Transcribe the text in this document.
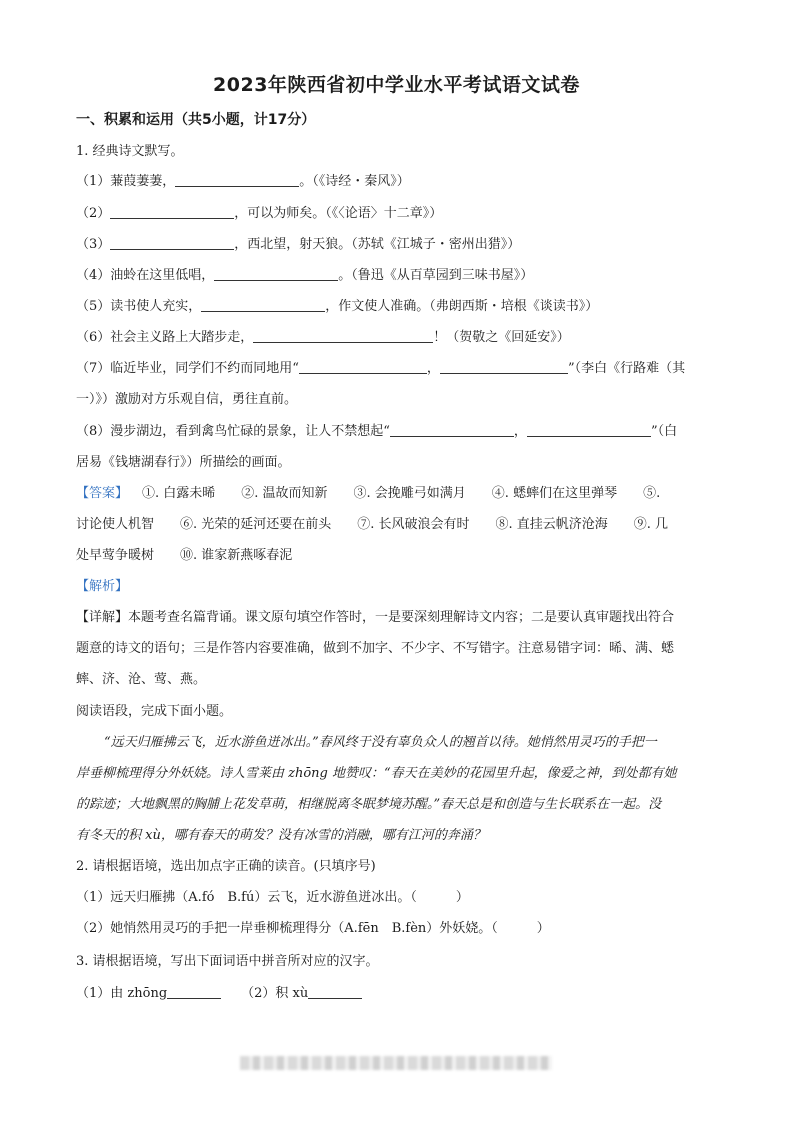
2023年陕西省初中学业水平考试语文试卷
一、积累和运用（共5小题，计17分）
1. 经典诗文默写。
（1）蒹葭萋萋，	。（《诗经・秦风》）
（2）	，可以为师矣。（《〈论语〉十二章》）
（3）	，西北望，射天狼。（苏轼《江城子・密州出猎》）
（4）油蛉在这里低唱，	。（鲁迅《从百草园到三味书屋》）
（5）读书使人充实，	，作文使人准确。（弗朗西斯・培根《谈读书》）
（6）社会主义路上大踏步走，	！（贺敬之《回延安》）
（7）临近毕业，同学们不约而同地用“	，	”（李白《行路难（其
一）》）激励对方乐观自信，勇往直前。
（8）漫步湖边，看到禽鸟忙碌的景象，让人不禁想起“	，	”（白
居易《钱塘湖春行》）所描绘的画面。
【答案】 ①. 白露未晞　　②. 温故而知新　　③. 会挽雕弓如满月　　④. 蟋蟀们在这里弹琴　　⑤.
讨论使人机智　　⑥. 光荣的延河还要在前头　　⑦. 长风破浪会有时　　⑧. 直挂云帆济沧海　　⑨. 几
处早莺争暖树　　⑩. 谁家新燕啄春泥
【解析】
【详解】本题考查名篇背诵。课文原句填空作答时，一是要深刻理解诗文内容；二是要认真审题找出符合
题意的诗文的语句；三是作答内容要准确，做到不加字、不少字、不写错字。注意易错字词：晞、满、蟋
蟀、济、沧、莺、燕。
阅读语段，完成下面小题。
“远天归雁拂云飞，近水游鱼迸冰出。”春风终于没有辜负众人的翘首以待。她悄然用灵巧的手把一
岸垂柳梳理得分外妖娆。诗人雪莱由 zhōng 地赞叹：“春天在美妙的花园里升起，像爱之神，到处都有她
的踪迹；大地飘黑的胸脯上花发草萌，相继脱离冬眠梦境苏醒。”春天总是和创造与生长联系在一起。没
有冬天的积 xù，哪有春天的萌发？没有冰雪的消融，哪有江河的奔涌？
2. 请根据语境，选出加点字正确的读音。(只填序号)
（1）远天归雁拂（A.fó　B.fú）云飞，近水游鱼迸冰出。（　　　）
（2）她悄然用灵巧的手把一岸垂柳梳理得分（A.fēn　B.fèn）外妖娆。（　　　）
3. 请根据语境，写出下面词语中拼音所对应的汉字。
（1）由 zhōng	（2）积 xù
